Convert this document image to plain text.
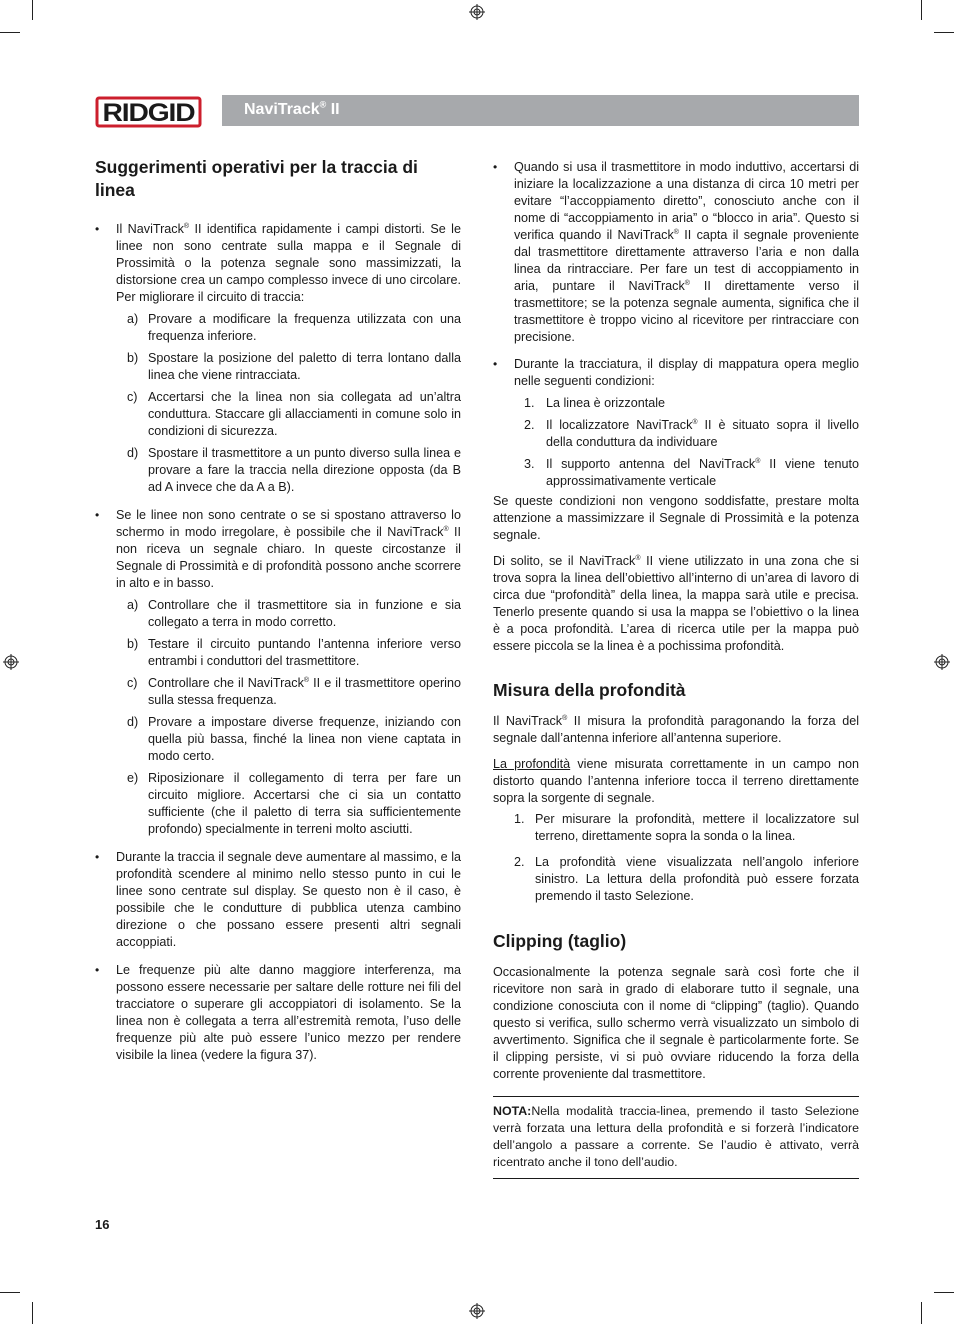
RIDGID	NaviTrack® II
Suggerimenti operativi per la traccia di linea

• Il NaviTrack® II identifica rapidamente i campi distorti. Se le linee non sono centrate sulla mappa e il Segnale di Prossimità o la potenza segnale sono massimizzati, la distorsione crea un campo complesso invece di uno circolare. Per migliorare il circuito di traccia:

a) Provare a modificare la frequenza utilizzata con una frequenza inferiore.

b) Spostare la posizione del paletto di terra lontano dalla linea che viene rintracciata.

c) Accertarsi che la linea non sia collegata ad un’altra conduttura. Staccare gli allacciamenti in comune solo in condizioni di sicurezza.

d) Spostare il trasmettitore a un punto diverso sulla linea e provare a fare la traccia nella direzione opposta (da B ad A invece che da A a B).

• Se le linee non sono centrate o se si spostano attraverso lo schermo in modo irregolare, è possibile che il NaviTrack® II non riceva un segnale chiaro. In queste circostanze il Segnale di Prossimità e di profondità possono anche scorrere in alto e in basso.

a) Controllare che il trasmettitore sia in funzione e sia collegato a terra in modo corretto.

b) Testare il circuito puntando l’antenna inferiore verso entrambi i conduttori del trasmettitore.

c) Controllare che il NaviTrack® II e il trasmettitore operino sulla stessa frequenza.

d) Provare a impostare diverse frequenze, iniziando con quella più bassa, finché la linea non viene captata in modo certo.

e) Riposizionare il collegamento di terra per fare un circuito migliore. Accertarsi che ci sia un contatto sufficiente (che il paletto di terra sia sufficientemente profondo) specialmente in terreni molto asciutti.

• Durante la traccia il segnale deve aumentare al massimo, e la profondità scendere al minimo nello stesso punto in cui le linee sono centrate sul display. Se questo non è il caso, è possibile che le condutture di pubblica utenza cambino direzione o che possano essere presenti altri segnali accoppiati.

• Le frequenze più alte danno maggiore interferenza, ma possono essere necessarie per saltare delle rotture nei fili del tracciatore o superare gli accoppiatori di isolamento. Se la linea non è collegata a terra all’estremità remota, l’uso delle frequenze più alte può essere l’unico mezzo per rendere visibile la linea (vedere la figura 37).

• Quando si usa il trasmettitore in modo induttivo, accertarsi di iniziare la localizzazione a una distanza di circa 10 metri per evitare “l’accoppiamento diretto”, conosciuto anche con il nome di “accoppiamento in aria” o “blocco in aria”. Questo si verifica quando il NaviTrack® II capta il segnale proveniente dal trasmettitore direttamente attraverso l’aria e non dalla linea da rintracciare. Per fare un test di accoppiamento in aria, puntare il NaviTrack® II direttamente verso il trasmettitore; se la potenza segnale aumenta, significa che il trasmettitore è troppo vicino al ricevitore per rintracciare con precisione.

• Durante la tracciatura, il display di mappatura opera meglio nelle seguenti condizioni:

1. La linea è orizzontale

2. Il localizzatore NaviTrack® II è situato sopra il livello della conduttura da individuare

3. Il supporto antenna del NaviTrack® II viene tenuto approssimativamente verticale

Se queste condizioni non vengono soddisfatte, prestare molta attenzione a massimizzare il Segnale di Prossimità e la potenza segnale.

Di solito, se il NaviTrack® II viene utilizzato in una zona che si trova sopra la linea dell’obiettivo all’interno di un’area di lavoro di circa due “profondità” della linea, la mappa sarà utile e precisa. Tenerlo presente quando si usa la mappa se l’obiettivo o la linea è a poca profondità. L’area di ricerca utile per la mappa può essere piccola se la linea è a pochissima profondità.

Misura della profondità

Il NaviTrack® II misura la profondità paragonando la forza del segnale dall’antenna inferiore all’antenna superiore.

La profondità viene misurata correttamente in un campo non distorto quando l’antenna inferiore tocca il terreno direttamente sopra la sorgente di segnale.

1. Per misurare la profondità, mettere il localizzatore sul terreno, direttamente sopra la sonda o la linea.

2. La profondità viene visualizzata nell’angolo inferiore sinistro. La lettura della profondità può essere forzata premendo il tasto Selezione.

Clipping (taglio)

Occasionalmente la potenza segnale sarà così forte che il ricevitore non sarà in grado di elaborare tutto il segnale, una condizione conosciuta con il nome di “clipping” (taglio). Quando questo si verifica, sullo schermo verrà visualizzato un simbolo di avvertimento. Significa che il segnale è particolarmente forte. Se il clipping persiste, vi si può ovviare riducendo la forza della corrente proveniente dal trasmettitore.

NOTA:Nella modalità traccia-linea, premendo il tasto Selezione verrà forzata una lettura della profondità e si forzerà l’indicatore dell’angolo a passare a corrente. Se l’audio è attivato, verrà ricentrato anche il tono dell’audio.

16
